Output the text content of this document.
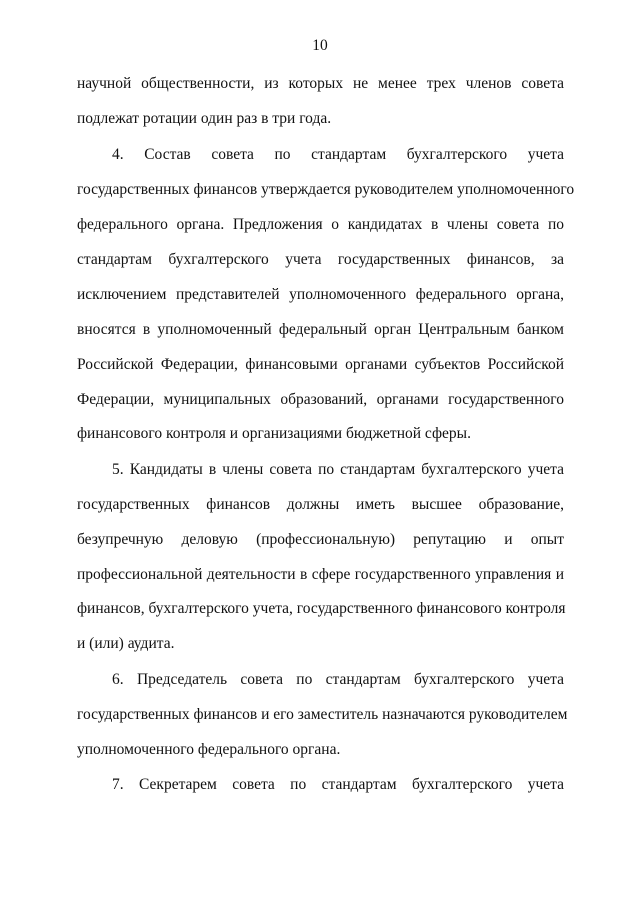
10
научной общественности, из которых не менее трех членов совета
подлежат ротации один раз в три года.
4. Состав совета по стандартам бухгалтерского учета
государственных финансов утверждается руководителем уполномоченного
федерального органа. Предложения о кандидатах в члены совета по
стандартам бухгалтерского учета государственных финансов, за
исключением представителей уполномоченного федерального органа,
вносятся в уполномоченный федеральный орган Центральным банком
Российской Федерации, финансовыми органами субъектов Российской
Федерации, муниципальных образований, органами государственного
финансового контроля и организациями бюджетной сферы.
5. Кандидаты в члены совета по стандартам бухгалтерского учета
государственных финансов должны иметь высшее образование,
безупречную деловую (профессиональную) репутацию и опыт
профессиональной деятельности в сфере государственного управления и
финансов, бухгалтерского учета, государственного финансового контроля
и (или) аудита.
6. Председатель совета по стандартам бухгалтерского учета
государственных финансов и его заместитель назначаются руководителем
уполномоченного федерального органа.
7. Секретарем совета по стандартам бухгалтерского учета
